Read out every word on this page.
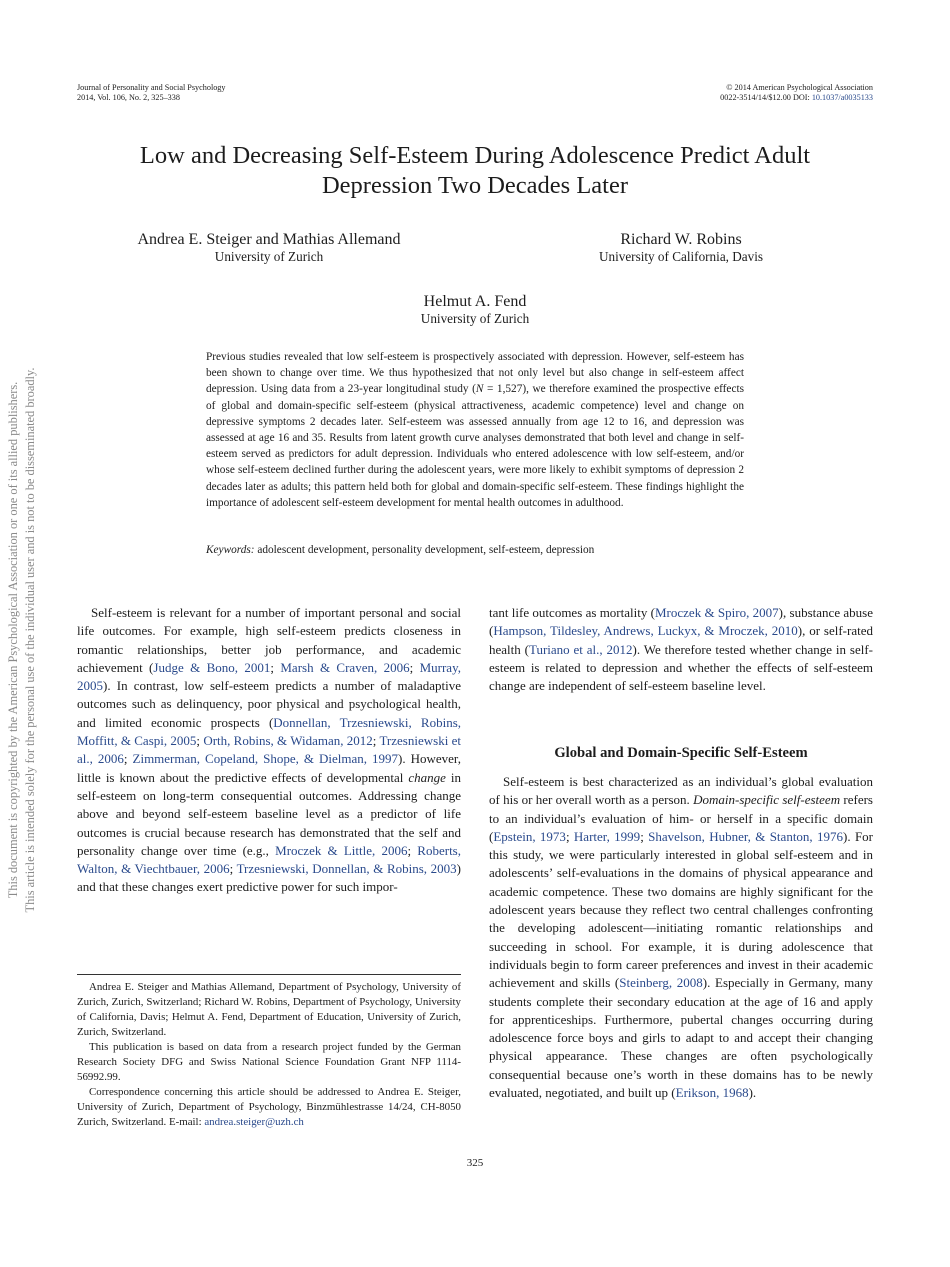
Journal of Personality and Social Psychology
2014, Vol. 106, No. 2, 325–338
© 2014 American Psychological Association
0022-3514/14/$12.00 DOI: 10.1037/a0035133
This document is copyrighted by the American Psychological Association or one of its allied publishers. This article is intended solely for the personal use of the individual user and is not to be disseminated broadly.
Low and Decreasing Self-Esteem During Adolescence Predict Adult
Depression Two Decades Later
Andrea E. Steiger and Mathias Allemand
University of Zurich
Richard W. Robins
University of California, Davis
Helmut A. Fend
University of Zurich
Previous studies revealed that low self-esteem is prospectively associated with depression. However, self-esteem has been shown to change over time. We thus hypothesized that not only level but also change in self-esteem affect depression. Using data from a 23-year longitudinal study (N = 1,527), we therefore examined the prospective effects of global and domain-specific self-esteem (physical attractiveness, academic competence) level and change on depressive symptoms 2 decades later. Self-esteem was assessed annually from age 12 to 16, and depression was assessed at age 16 and 35. Results from latent growth curve analyses demonstrated that both level and change in self-esteem served as predictors for adult depression. Individuals who entered adolescence with low self-esteem, and/or whose self-esteem declined further during the adolescent years, were more likely to exhibit symptoms of depression 2 decades later as adults; this pattern held both for global and domain-specific self-esteem. These findings highlight the importance of adolescent self-esteem development for mental health outcomes in adulthood.
Keywords: adolescent development, personality development, self-esteem, depression

Self-esteem is relevant for a number of important personal and social life outcomes. For example, high self-esteem predicts closeness in romantic relationships, better job performance, and academic achievement (Judge & Bono, 2001; Marsh & Craven, 2006; Murray, 2005). In contrast, low self-esteem predicts a number of maladaptive outcomes such as delinquency, poor physical and psychological health, and limited economic prospects (Donnellan, Trzesniewski, Robins, Moffitt, & Caspi, 2005; Orth, Robins, & Widaman, 2012; Trzesniewski et al., 2006; Zimmerman, Copeland, Shope, & Dielman, 1997). However, little is known about the predictive effects of developmental change in self-esteem on long-term consequential outcomes. Addressing change above and beyond self-esteem baseline level as a predictor of life outcomes is crucial because research has demonstrated that the self and personality change over time (e.g., Mroczek & Little, 2006; Roberts, Walton, & Viechtbauer, 2006; Trzesniewski, Donnellan, & Robins, 2003) and that these changes exert predictive power for such impor-

tant life outcomes as mortality (Mroczek & Spiro, 2007), substance abuse (Hampson, Tildesley, Andrews, Luckyx, & Mroczek, 2010), or self-rated health (Turiano et al., 2012). We therefore tested whether change in self-esteem is related to depression and whether the effects of self-esteem change are independent of self-esteem baseline level.

Global and Domain-Specific Self-Esteem

Self-esteem is best characterized as an individual’s global evaluation of his or her overall worth as a person. Domain-specific self-esteem refers to an individual’s evaluation of him- or herself in a specific domain (Epstein, 1973; Harter, 1999; Shavelson, Hubner, & Stanton, 1976). For this study, we were particularly interested in global self-esteem and in adolescents’ self-evaluations in the domains of physical appearance and academic competence. These two domains are highly significant for the adolescent years because they reflect two central challenges confronting the developing adolescent—initiating romantic relationships and succeeding in school. For example, it is during adolescence that individuals begin to form career preferences and invest in their academic achievement and skills (Steinberg, 2008). Especially in Germany, many students complete their secondary education at the age of 16 and apply for apprenticeships. Furthermore, pubertal changes occurring during adolescence force boys and girls to adapt to and accept their changing physical appearance. These changes are often psychologically consequential because one’s worth in these domains has to be newly evaluated, negotiated, and built up (Erikson, 1968).

Andrea E. Steiger and Mathias Allemand, Department of Psychology, University of Zurich, Zurich, Switzerland; Richard W. Robins, Department of Psychology, University of California, Davis; Helmut A. Fend, Department of Education, University of Zurich, Zurich, Switzerland.

This publication is based on data from a research project funded by the German Research Society DFG and Swiss National Science Foundation Grant NFP 1114-56992.99.

Correspondence concerning this article should be addressed to Andrea E. Steiger, University of Zurich, Department of Psychology, Binzmühlestrasse 14/24, CH-8050 Zurich, Switzerland. E-mail: andrea.steiger@uzh.ch

325
